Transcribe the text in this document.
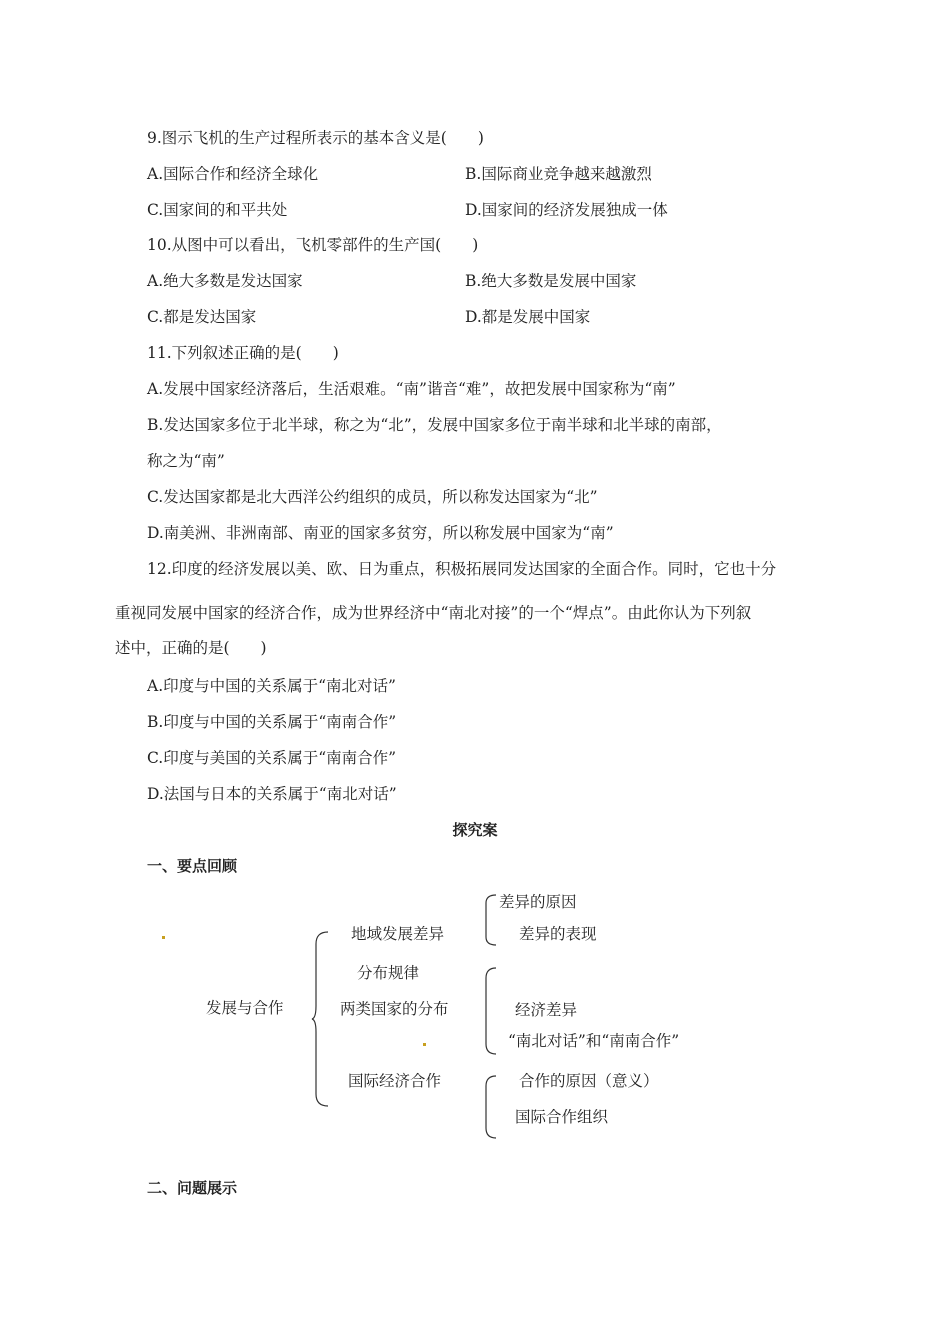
9.图示飞机的生产过程所表示的基本含义是(　　)
A.国际合作和经济全球化	B.国际商业竞争越来越激烈
C.国家间的和平共处	D.国家间的经济发展独成一体
10.从图中可以看出，飞机零部件的生产国(　　)
A.绝大多数是发达国家	B.绝大多数是发展中国家
C.都是发达国家	D.都是发展中国家
11.下列叙述正确的是(　　)
A.发展中国家经济落后，生活艰难。“南”谐音“难”，故把发展中国家称为“南”
B.发达国家多位于北半球，称之为“北”，发展中国家多位于南半球和北半球的南部，
称之为“南”
C.发达国家都是北大西洋公约组织的成员，所以称发达国家为“北”
D.南美洲、非洲南部、南亚的国家多贫穷，所以称发展中国家为“南”
12.印度的经济发展以美、欧、日为重点，积极拓展同发达国家的全面合作。同时，它也十分
重视同发展中国家的经济合作，成为世界经济中“南北对接”的一个“焊点”。由此你认为下列叙
述中，正确的是(　　)
A.印度与中国的关系属于“南北对话”
B.印度与中国的关系属于“南南合作”
C.印度与美国的关系属于“南南合作”
D.法国与日本的关系属于“南北对话”
探究案
一、要点回顾
发展与合作
地域发展差异
分布规律
两类国家的分布
国际经济合作
差异的原因
差异的表现
经济差异
“南北对话”和“南南合作”
合作的原因（意义）
国际合作组织
二、问题展示
